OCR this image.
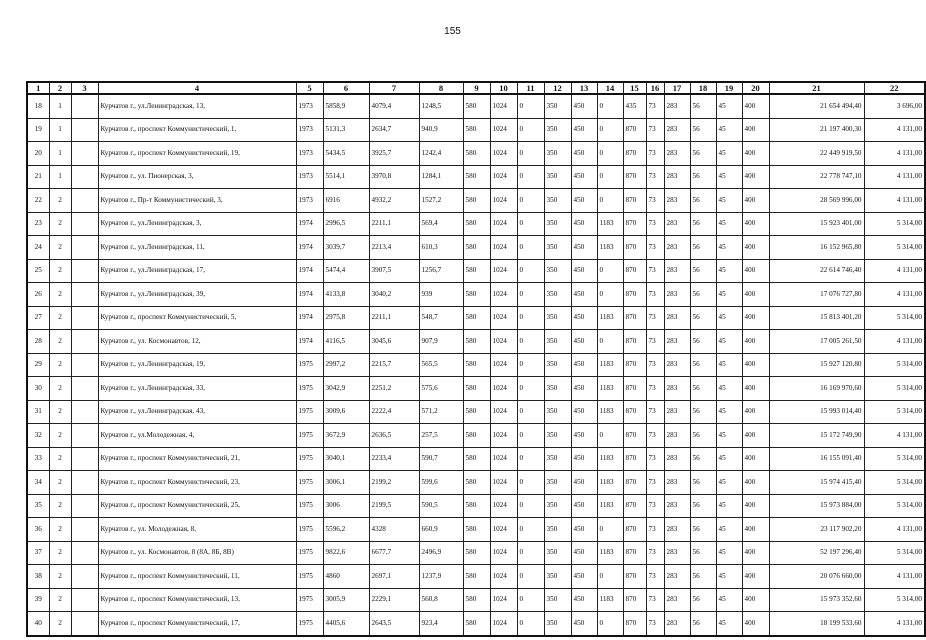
155
1	2	3	4	5	6	7	8	9	10	11	12	13	14	15	16	17	18	19	20	21	22
18	1		Курчатов г., ул.Ленинградская, 13,	1973	5858,9	4079,4	1248,5	580	1024	0	350	450	0	435	73	283	56	45	400	21 654 494,40	3 696,00
19	1		Курчатов г., проспект Коммунистический, 1,	1973	5131,3	2634,7	940,9	580	1024	0	350	450	0	870	73	283	56	45	400	21 197 400,30	4 131,00
20	1		Курчатов г., проспект Коммунистический, 19,	1973	5434,5	3925,7	1242,4	580	1024	0	350	450	0	870	73	283	56	45	400	22 449 919,50	4 131,00
21	1		Курчатов г., ул. Пионерская, 3,	1973	5514,1	3970,8	1284,1	580	1024	0	350	450	0	870	73	283	56	45	400	22 778 747,10	4 131,00
22	2		Курчатов г., Пр-т Коммунистический, 3,	1973	6916	4932,2	1527,2	580	1024	0	350	450	0	870	73	283	56	45	400	28 569 996,00	4 131,00
23	2		Курчатов г., ул.Ленинградская, 3,	1974	2996,5	2211,1	569,4	580	1024	0	350	450	1183	870	73	283	56	45	400	15 923 401,00	5 314,00
24	2		Курчатов г., ул.Ленинградская, 11,	1974	3039,7	2213,4	610,3	580	1024	0	350	450	1183	870	73	283	56	45	400	16 152 965,80	5 314,00
25	2		Курчатов г., ул.Ленинградская, 17,	1974	5474,4	3907,5	1256,7	580	1024	0	350	450	0	870	73	283	56	45	400	22 614 746,40	4 131,00
26	2		Курчатов г., ул.Ленинградская, 39,	1974	4133,8	3040,2	939	580	1024	0	350	450	0	870	73	283	56	45	400	17 076 727,80	4 131,00
27	2		Курчатов г., проспект Коммунистический, 5,	1974	2975,8	2211,1	548,7	580	1024	0	350	450	1183	870	73	283	56	45	400	15 813 401,20	5 314,00
28	2		Курчатов г., ул. Космонавтов, 12,	1974	4116,5	3045,6	907,9	580	1024	0	350	450	0	870	73	283	56	45	400	17 005 261,50	4 131,00
29	2		Курчатов г., ул.Ленинградская, 19,	1975	2997,2	2215,7	565,5	580	1024	0	350	450	1183	870	73	283	56	45	400	15 927 120,80	5 314,00
30	2		Курчатов г., ул.Ленинградская, 33,	1975	3042,9	2251,2	575,6	580	1024	0	350	450	1183	870	73	283	56	45	400	16 169 970,60	5 314,00
31	2		Курчатов г., ул.Ленинградская, 43,	1975	3009,6	2222,4	571,2	580	1024	0	350	450	1183	870	73	283	56	45	400	15 993 014,40	5 314,00
32	2		Курчатов г., ул.Молодежная, 4,	1975	3672,9	2636,5	257,5	580	1024	0	350	450	0	870	73	283	56	45	400	15 172 749,90	4 131,00
33	2		Курчатов г., проспект Коммунистический, 21,	1975	3040,1	2233,4	590,7	580	1024	0	350	450	1183	870	73	283	56	45	400	16 155 091,40	5 314,00
34	2		Курчатов г., проспект Коммунистический, 23,	1975	3006,1	2199,2	599,6	580	1024	0	350	450	1183	870	73	283	56	45	400	15 974 415,40	5 314,00
35	2		Курчатов г., проспект Коммунистический, 25,	1975	3006	2199,5	590,5	580	1024	0	350	450	1183	870	73	283	56	45	400	15 973 884,00	5 314,00
36	2		Курчатов г., ул. Молодежная, 8,	1975	5596,2	4328	660,9	580	1024	0	350	450	0	870	73	283	56	45	400	23 117 902,20	4 131,00
37	2		Курчатов г., ул. Космонавтов, 8 (8А, 8Б, 8В)	1975	9822,6	6677,7	2496,9	580	1024	0	350	450	1183	870	73	283	56	45	400	52 197 296,40	5 314,00
38	2		Курчатов г., проспект Коммунистический, 11,	1975	4860	2697,1	1237,9	580	1024	0	350	450	0	870	73	283	56	45	400	20 076 660,00	4 131,00
39	2		Курчатов г., проспект Коммунистический, 13,	1975	3005,9	2229,1	560,8	580	1024	0	350	450	1183	870	73	283	56	45	400	15 973 352,60	5 314,00
40	2		Курчатов г., проспект Коммунистический, 17,	1975	4405,6	2643,5	923,4	580	1024	0	350	450	0	870	73	283	56	45	400	18 199 533,60	4 131,00
